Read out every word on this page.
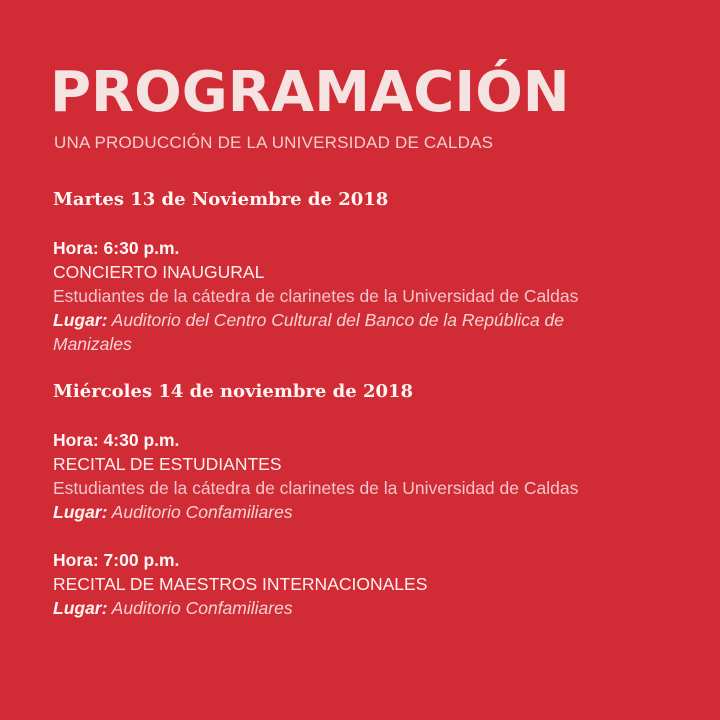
PROGRAMACIÓN
UNA PRODUCCIÓN DE LA UNIVERSIDAD DE CALDAS
Martes 13 de Noviembre de 2018
Hora: 6:30 p.m.
CONCIERTO INAUGURAL
Estudiantes de la cátedra de clarinetes de la Universidad de Caldas
Lugar: Auditorio del Centro Cultural del Banco de la República de
Manizales
Miércoles 14 de noviembre de 2018
Hora: 4:30 p.m.
RECITAL DE ESTUDIANTES
Estudiantes de la cátedra de clarinetes de la Universidad de Caldas
Lugar: Auditorio Confamiliares
Hora: 7:00 p.m.
RECITAL DE MAESTROS INTERNACIONALES
Lugar: Auditorio Confamiliares
